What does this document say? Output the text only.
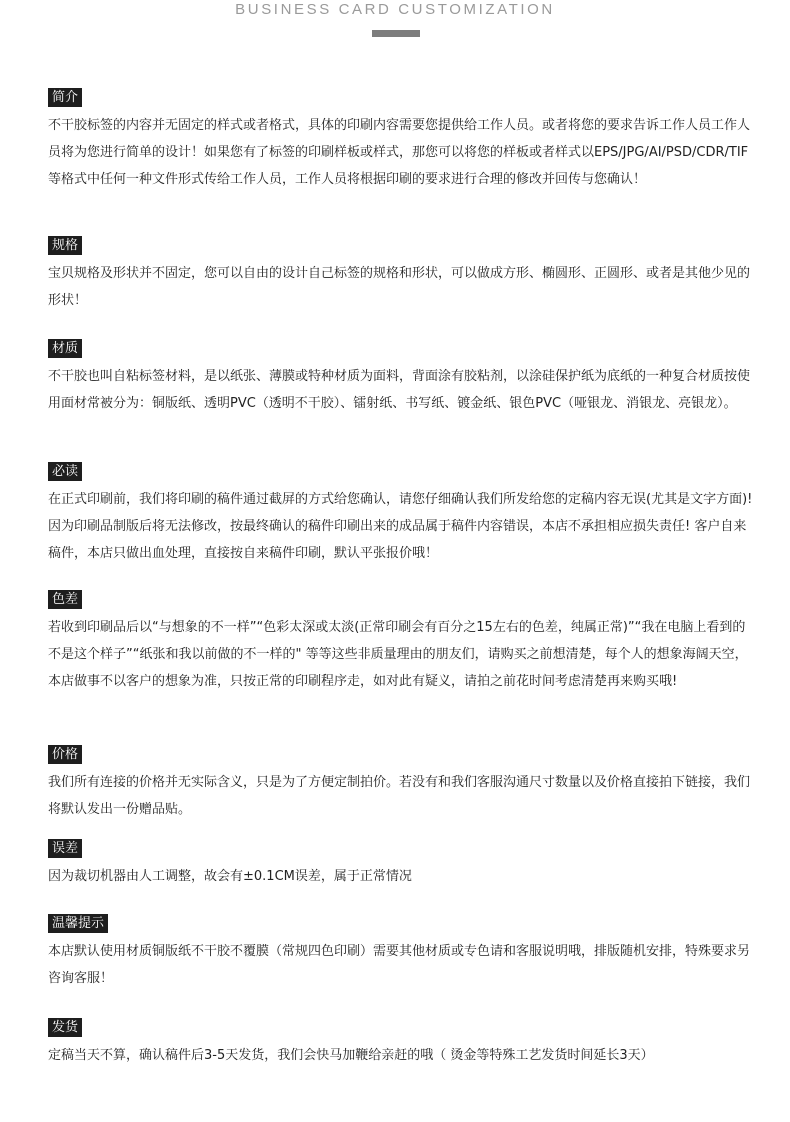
BUSINESS CARD CUSTOMIZATION
简介
不干胶标签的内容并无固定的样式或者格式，具体的印刷内容需要您提供给工作人员。或者将您的要求告诉工作人员工作人员将为您进行简单的设计！如果您有了标签的印刷样板或样式，那您可以将您的样板或者样式以EPS/JPG/AI/PSD/CDR/TIF等格式中任何一种文件形式传给工作人员，工作人员将根据印刷的要求进行合理的修改并回传与您确认！
规格
宝贝规格及形状并不固定，您可以自由的设计自己标签的规格和形状，可以做成方形、椭圆形、正圆形、或者是其他少见的形状！
材质
不干胶也叫自粘标签材料，是以纸张、薄膜或特种材质为面料，背面涂有胶粘剂，以涂硅保护纸为底纸的一种复合材质按使用面材常被分为：铜版纸、透明PVC（透明不干胶）、镭射纸、书写纸、镀金纸、银色PVC（哑银龙、消银龙、亮银龙）。
必读
在正式印刷前，我们将印刷的稿件通过截屏的方式给您确认，请您仔细确认我们所发给您的定稿内容无误(尤其是文字方面)!因为印刷品制版后将无法修改，按最终确认的稿件印刷出来的成品属于稿件内容错误，本店不承担相应损失责任! 客户自来稿件，本店只做出血处理，直接按自来稿件印刷，默认平张报价哦！
色差
若收到印刷品后以“与想象的不一样”“色彩太深或太淡(正常印刷会有百分之15左右的色差，纯属正常)”“我在电脑上看到的不是这个样子”“纸张和我以前做的不一样的" 等等这些非质量理由的朋友们，请购买之前想清楚，每个人的想象海阔天空，本店做事不以客户的想象为准，只按正常的印刷程序走，如对此有疑义，请拍之前花时间考虑清楚再来购买哦!
价格
我们所有连接的价格并无实际含义，只是为了方便定制拍价。若没有和我们客服沟通尺寸数量以及价格直接拍下链接，我们将默认发出一份赠品贴。
误差
因为裁切机器由人工调整，故会有±0.1CM误差，属于正常情况
温馨提示
本店默认使用材质铜版纸不干胶不覆膜（常规四色印刷）需要其他材质或专色请和客服说明哦，排版随机安排，特殊要求另咨询客服！
发货
定稿当天不算，确认稿件后3-5天发货，我们会快马加鞭给亲赶的哦（ 烫金等特殊工艺发货时间延长3天）
